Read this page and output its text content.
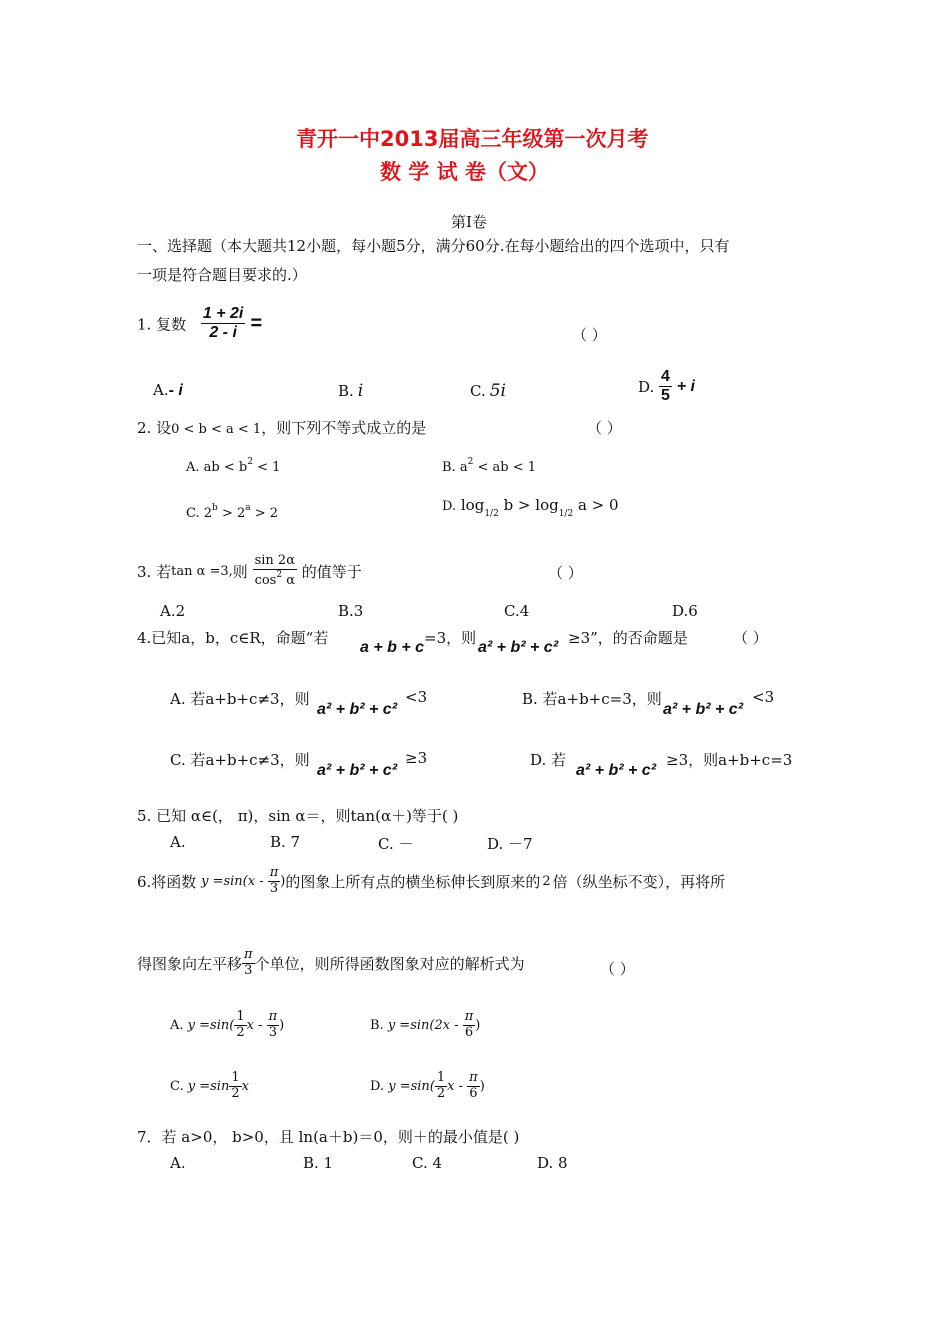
青开一中2013届高三年级第一次月考
数 学 试 卷（文）
第Ⅰ卷
一、选择题（本大题共12小题，每小题5分，满分60分.在每小题给出的四个选项中，只有
一项是符合题目要求的.）
1. 复数 $\frac{1 + 2i}{2 - i}$ =
（ ）
A.- i	B. i	C. 5i	D. $\frac{4}{5} + i$
2. 设0 < b < a < 1，则下列不等式成立的是	（ ）
A. ab < $b^2 < 1$	B. $a^2$ < ab < 1
C. $2^b > 2^a > 2$	D. $\log_{1/2} b > \log_{1/2} a > 0$
3. 若tan α =3,则 $\frac{\sin 2\alpha}{\cos^2 \alpha}$ 的值等于	（ ）
A.2	B.3	C.4	D.6
4.已知a，b，c∈R，命题“若
a + b + c
=3，则
a² + b² + c²
≥3”，的否命题是	（ ）
A. 若a+b+c≠3，则
a² + b² + c²
<3	B. 若a+b+c=3，则
a² + b² + c²
<3
C. 若a+b+c≠3，则
a² + b² + c²
≥3	D. 若
a² + b² + c²
≥3，则a+b+c=3
5. 已知 α∈(， π)，sin α＝，则tan(α＋)等于( )
A.	B. 7	C. －	D. －7
6.将函数 $y =\sin(x - \frac{\pi}{3}$ )的图象上所有点的横坐标伸长到原来的 2 倍（纵坐标不变），再将所
得图象向左平移 $\frac{\pi}{3}$ 个单位，则所得函数图象对应的解析式为	（ ）
A. $y =\sin( \frac{1}{2}$ x - $\frac{\pi}{3}$ )	B. $y =\sin(2x - \frac{\pi}{6}$ )
C. $y =\sin \frac{1}{2}$ x	D. $y =\sin( \frac{1}{2}$ x - $\frac{\pi}{6}$ )
7．若 a>0， b>0，且 ln(a＋b)＝0，则＋的最小值是( )
A.	B. 1	C. 4	D. 8
